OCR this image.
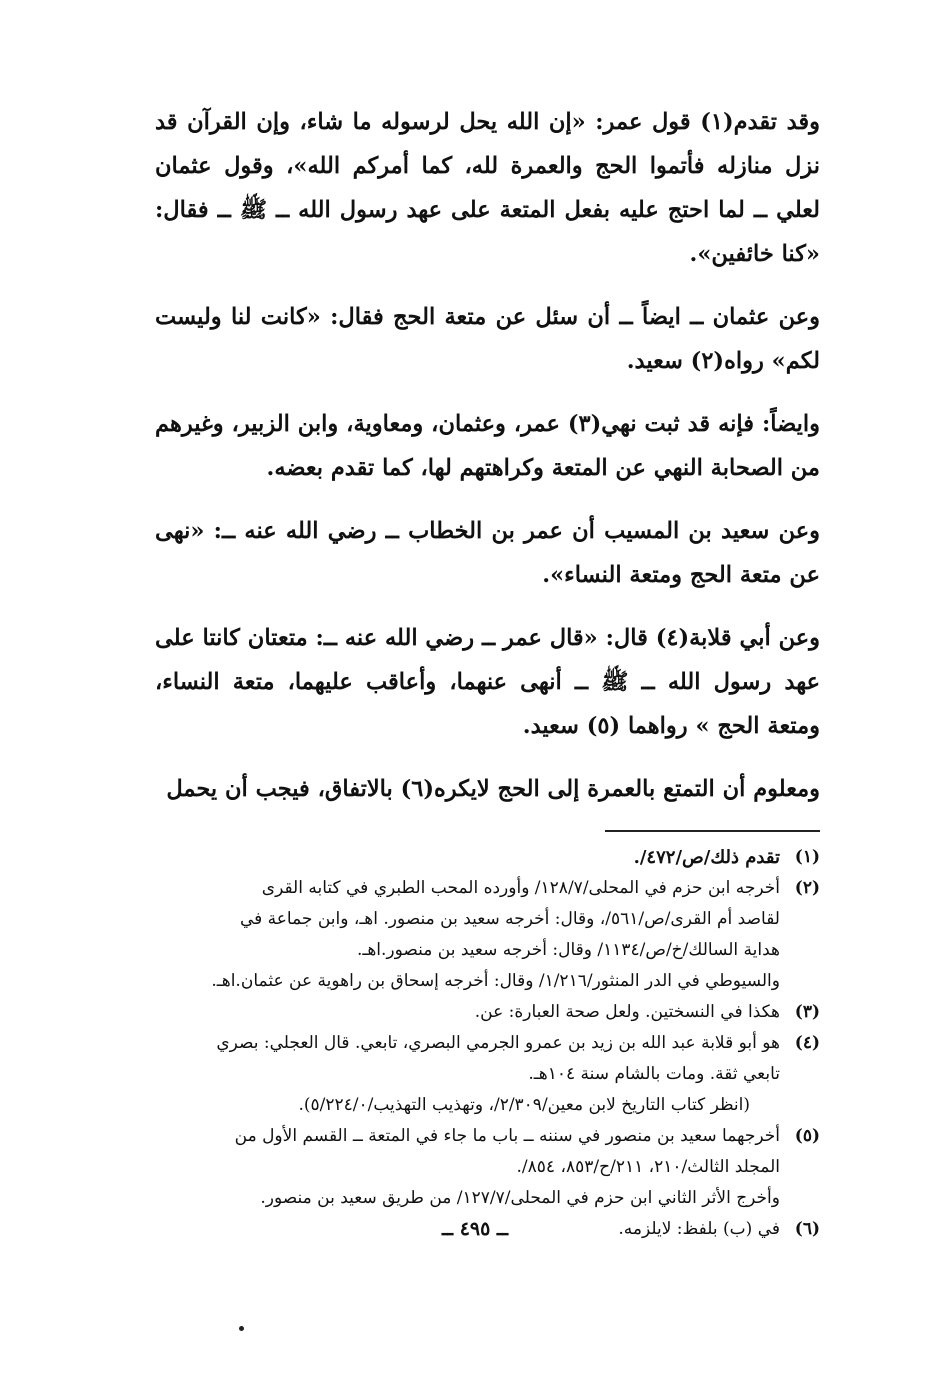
وقد تقدم(١) قول عمر: «إن الله يحل لرسوله ما شاء، وإن القرآن قد نزل منازله فأتموا الحج والعمرة لله، كما أمركم الله»، وقول عثمان لعلي ــ لما احتج عليه بفعل المتعة على عهد رسول الله ــ ﷺ ــ فقال: «كنا خائفين».

وعن عثمان ــ ايضاً ــ أن سئل عن متعة الحج فقال: «كانت لنا وليست لكم» رواه(٢) سعيد.

وايضاً: فإنه قد ثبت نهي(٣) عمر، وعثمان، ومعاوية، وابن الزبير، وغيرهم من الصحابة النهي عن المتعة وكراهتهم لها، كما تقدم بعضه.

وعن سعيد بن المسيب أن عمر بن الخطاب ــ رضي الله عنه ــ: «نهى عن متعة الحج ومتعة النساء».

وعن أبي قلابة(٤) قال: «قال عمر ــ رضي الله عنه ــ: متعتان كانتا على عهد رسول الله ــ ﷺ ــ أنهى عنهما، وأعاقب عليهما، متعة النساء، ومتعة الحج » رواهما (٥) سعيد.

ومعلوم أن التمتع بالعمرة إلى الحج لايكره(٦) بالاتفاق، فيجب أن يحمل

(١)
تقدم ذلك/ص/٤٧٢/.
(٢)
أخرجه ابن حزم في المحلى/١٢٨/٧/ وأورده المحب الطبري في كتابه القرى
لقاصد أم القرى/ص/٥٦١/، وقال: أخرجه سعيد بن منصور. اهـ، وابن جماعة في
هداية السالك/خ/ص/١١٣٤/ وقال: أخرجه سعيد بن منصور.اهـ.
والسيوطي في الدر المنثور/١/٢١٦/ وقال: أخرجه إسحاق بن راهوية عن عثمان.اهـ.
(٣)
هكذا في النسختين. ولعل صحة العبارة: عن.
(٤)
هو أبو قلابة عبد الله بن زيد بن عمرو الجرمي البصري، تابعي. قال العجلي: بصري
تابعي ثقة. ومات بالشام سنة ١٠٤هـ.
(انظر كتاب التاريخ لابن معين/٢/٣٠٩/، وتهذيب التهذيب/٥/٢٢٤/٠).
(٥)
أخرجهما سعيد بن منصور في سننه ــ باب ما جاء في المتعة ــ القسم الأول من
المجلد الثالث/٢١٠، ٢١١/ح/٨٥٣، ٨٥٤/.
وأخرج الأثر الثاني ابن حزم في المحلى/١٢٧/٧/ من طريق سعيد بن منصور.
(٦)
في (ب) بلفظ: لايلزمه.
ــ ٤٩٥ ــ
